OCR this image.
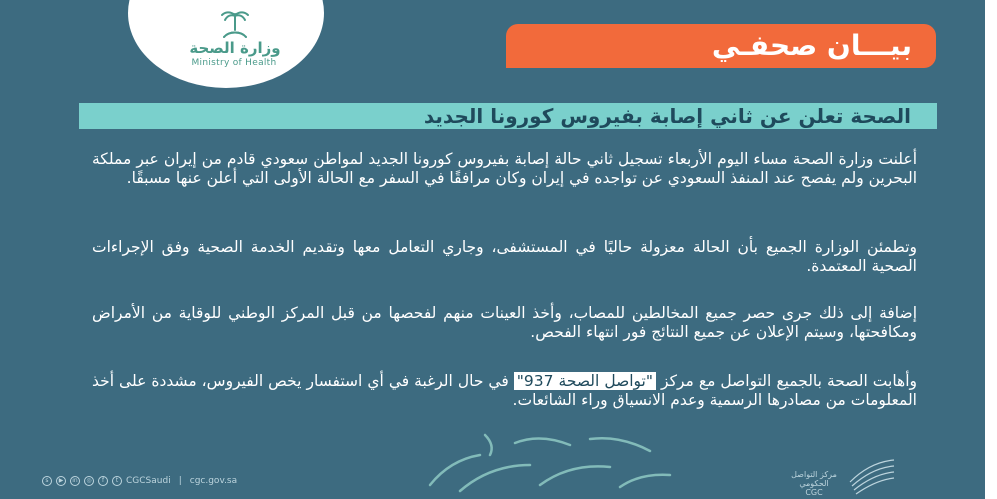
وزارة الصحة
Ministry of Health
بيـــان صحفـي
الصحة تعلن عن ثاني إصابة بفيروس كورونا الجديد
أعلنت وزارة الصحة مساء اليوم الأربعاء تسجيل ثاني حالة إصابة بفيروس كورونا الجديد لمواطن سعودي قادم من إيران عبر مملكة البحرين ولم يفصح عند المنفذ السعودي عن تواجده في إيران وكان مرافقًا في السفر مع الحالة الأولى التي أعلن عنها مسبقًا.
وتطمئن الوزارة الجميع بأن الحالة معزولة حاليًا في المستشفى، وجاري التعامل معها وتقديم الخدمة الصحية وفق الإجراءات الصحية المعتمدة.
إضافة إلى ذلك جرى حصر جميع المخالطين للمصاب، وأخذ العينات منهم لفحصها من قبل المركز الوطني للوقاية من الأمراض ومكافحتها، وسيتم الإعلان عن جميع النتائج فور انتهاء الفحص.
وأهابت الصحة بالجميع التواصل مع مركز "تواصل الصحة 937" في حال الرغبة في أي استفسار يخص الفيروس، مشددة على أخذ المعلومات من مصادرها الرسمية وعدم الانسياق وراء الشائعات.
s	▶	in	◎	f	t CGCSaudi | cgc.gov.sa
مركز التواصل الحكومي
CGC
